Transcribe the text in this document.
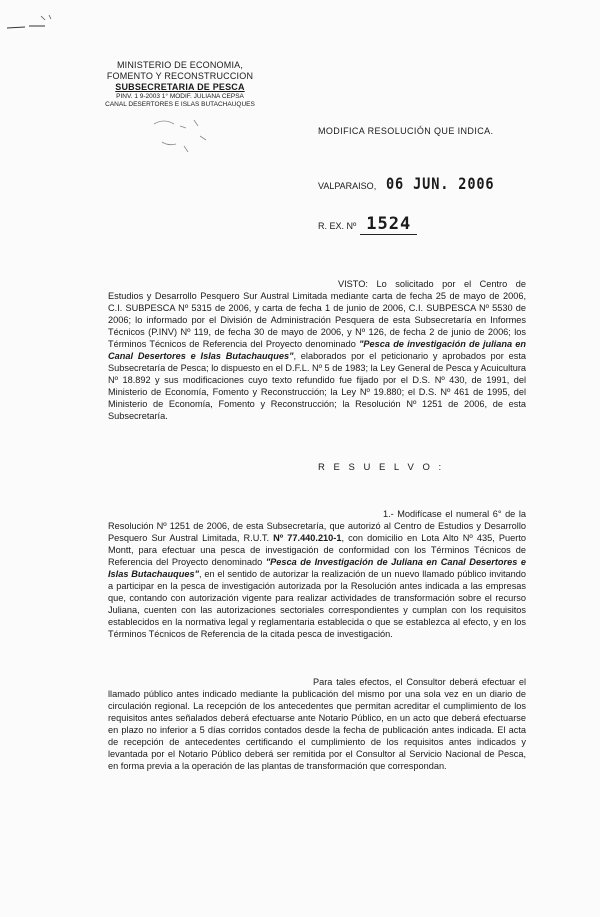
MINISTERIO DE ECONOMIA,
FOMENTO Y RECONSTRUCCION
SUBSECRETARIA DE PESCA
PINV. 1 9-2003 1° MODIF. JULIANA CEPSA
CANAL DESERTORES E ISLAS BUTACHAUQUES
MODIFICA RESOLUCIÓN QUE INDICA.
VALPARAISO, 06 JUN. 2006
R. EX. Nº 1524

VISTO: Lo solicitado por el Centro de Estudios y Desarrollo Pesquero Sur Austral Limitada mediante carta de fecha 25 de mayo de 2006, C.I. SUBPESCA Nº 5315 de 2006, y carta de fecha 1 de junio de 2006, C.I. SUBPESCA Nº 5530 de 2006; lo informado por el División de Administración Pesquera de esta Subsecretaría en Informes Técnicos (P.INV) Nº 119, de fecha 30 de mayo de 2006, y Nº 126, de fecha 2 de junio de 2006; los Términos Técnicos de Referencia del Proyecto denominado "Pesca de investigación de juliana en Canal Desertores e Islas Butachauques", elaborados por el peticionario y aprobados por esta Subsecretaría de Pesca; lo dispuesto en el D.F.L. Nº 5 de 1983; la Ley General de Pesca y Acuicultura Nº 18.892 y sus modificaciones cuyo texto refundido fue fijado por el D.S. Nº 430, de 1991, del Ministerio de Economía, Fomento y Reconstrucción; la Ley Nº 19.880; el D.S. Nº 461 de 1995, del Ministerio de Economía, Fomento y Reconstrucción; la Resolución Nº 1251 de 2006, de esta Subsecretaría.

R E S U E L V O :

1.- Modifícase el numeral 6° de la Resolución Nº 1251 de 2006, de esta Subsecretaría, que autorizó al Centro de Estudios y Desarrollo Pesquero Sur Austral Limitada, R.U.T. Nº 77.440.210-1, con domicilio en Lota Alto Nº 435, Puerto Montt, para efectuar una pesca de investigación de conformidad con los Términos Técnicos de Referencia del Proyecto denominado "Pesca de Investigación de Juliana en Canal Desertores e Islas Butachauques", en el sentido de autorizar la realización de un nuevo llamado público invitando a participar en la pesca de investigación autorizada por la Resolución antes indicada a las empresas que, contando con autorización vigente para realizar actividades de transformación sobre el recurso Juliana, cuenten con las autorizaciones sectoriales correspondientes y cumplan con los requisitos establecidos en la normativa legal y reglamentaria establecida o que se establezca al efecto, y en los Términos Técnicos de Referencia de la citada pesca de investigación.

Para tales efectos, el Consultor deberá efectuar el llamado público antes indicado mediante la publicación del mismo por una sola vez en un diario de circulación regional. La recepción de los antecedentes que permitan acreditar el cumplimiento de los requisitos antes señalados deberá efectuarse ante Notario Público, en un acto que deberá efectuarse en plazo no inferior a 5 días corridos contados desde la fecha de publicación antes indicada. El acta de recepción de antecedentes certificando el cumplimiento de los requisitos antes indicados y levantada por el Notario Público deberá ser remitida por el Consultor al Servicio Nacional de Pesca, en forma previa a la operación de las plantas de transformación que correspondan.
